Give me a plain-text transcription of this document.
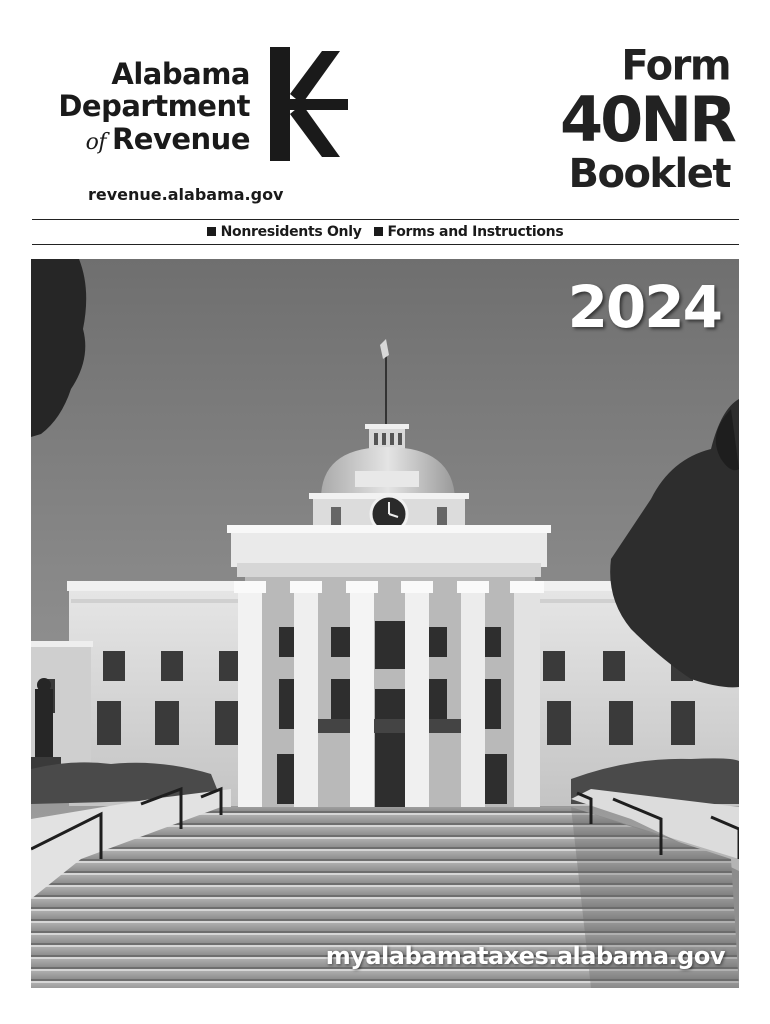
Alabama
Department
of Revenue
revenue.alabama.gov
Form
40NR
Booklet
Nonresidents Only Forms and Instructions
2024
myalabamataxes.alabama.gov
